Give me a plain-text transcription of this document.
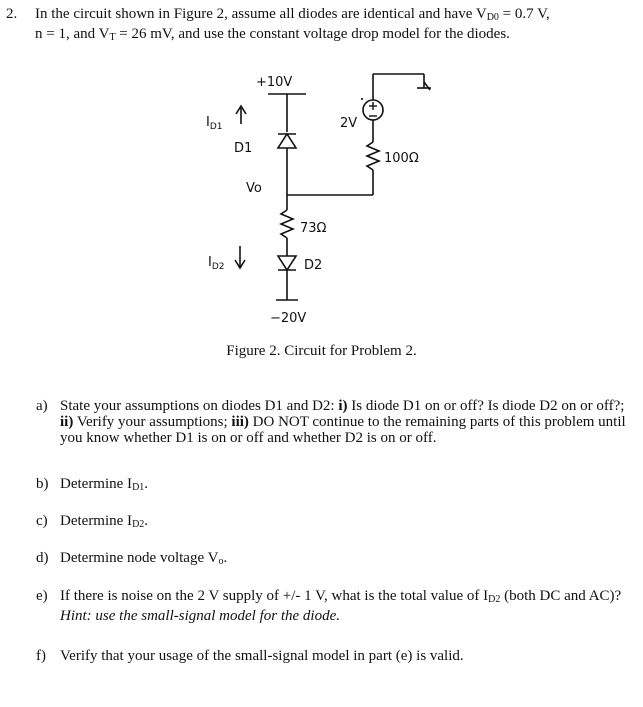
2. In the circuit shown in Figure 2, assume all diodes are identical and have $V_{D0} = 0.7$ V,
n = 1, and $V_T = 26$ mV, and use the constant voltage drop model for the diodes.
+10V
$I_{D1}$
D1
2V
100Ω
Vo
73Ω
$I_{D2}$	D2
−20V
Figure 2. Circuit for Problem 2.
a) State your assumptions on diodes D1 and D2: i) Is diode D1 on or off? Is diode D2 on or off?; ii) Verify your assumptions; iii) DO NOT continue to the remaining parts of this problem until you know whether D1 is on or off and whether D2 is on or off.
b) Determine $I_{D1}$.
c) Determine $I_{D2}$.
d) Determine node voltage $V_o$.
e) If there is noise on the 2 V supply of +/- 1 V, what is the total value of $I_{D2}$ (both DC and AC)? Hint: use the small-signal model for the diode.
f) Verify that your usage of the small-signal model in part (e) is valid.
